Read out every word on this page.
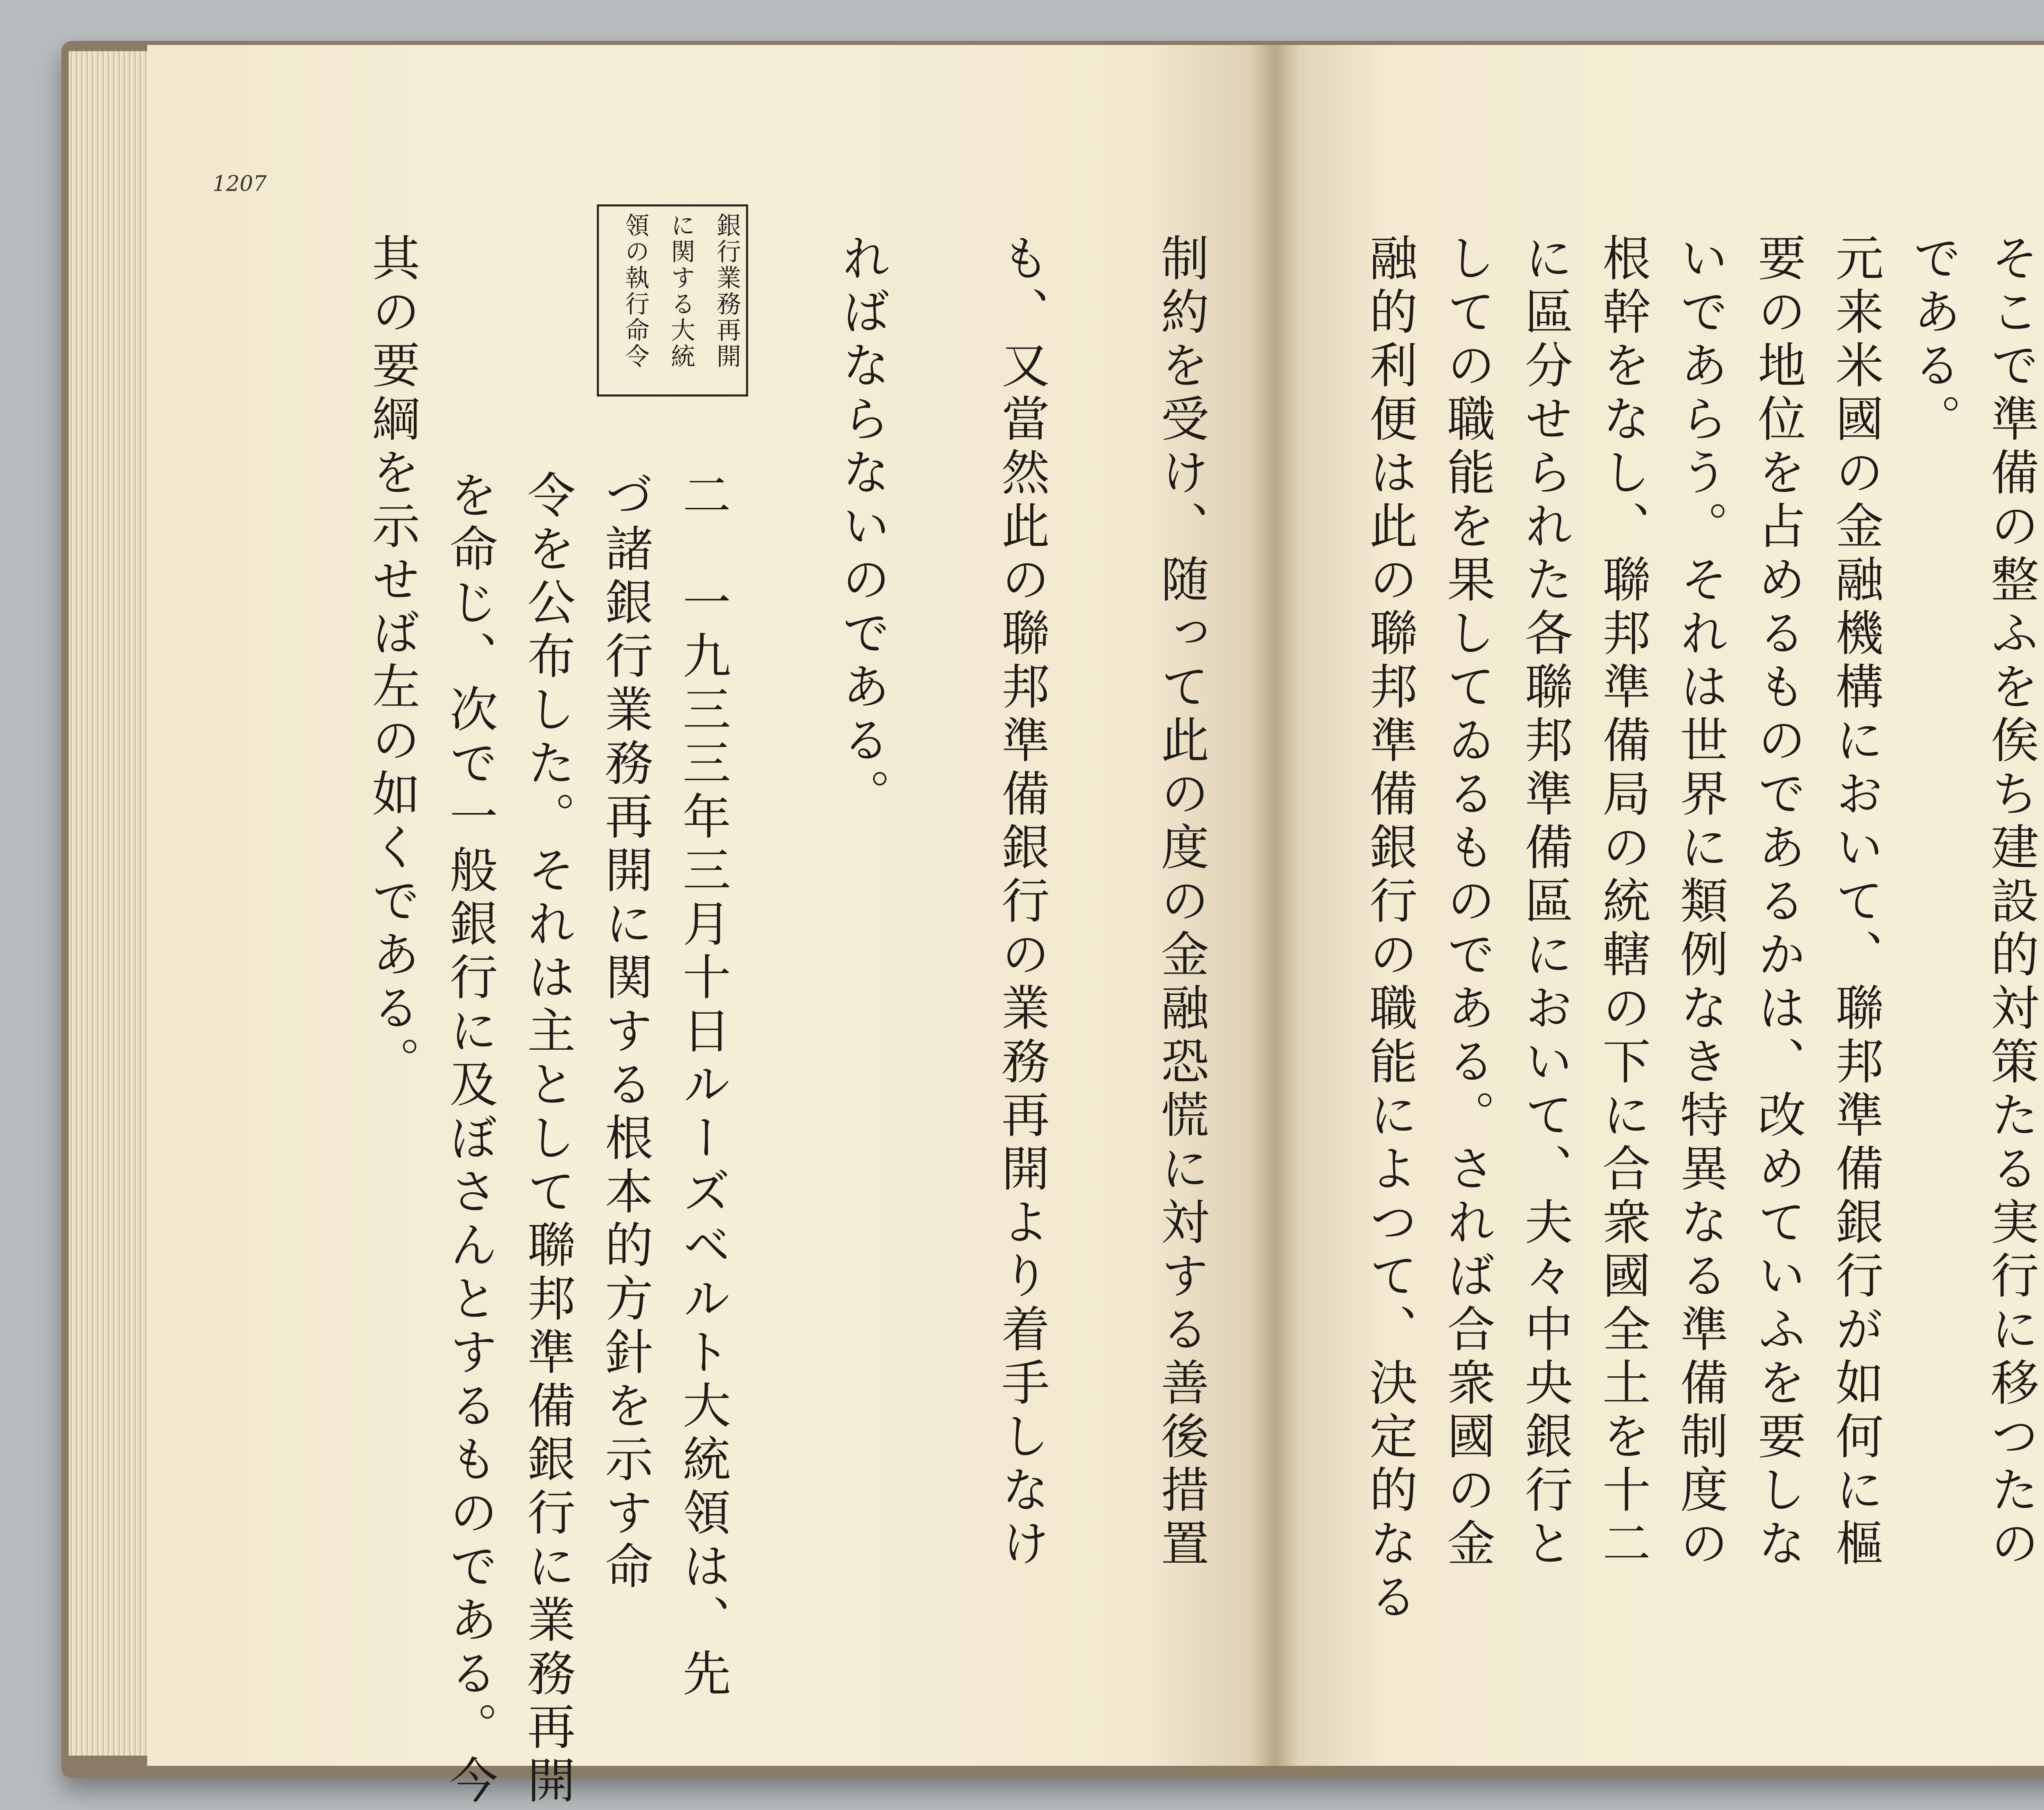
1207
銀行業務再開
に関する大統
領の執行命令	制約を受け、随って此の度の金融恐慌に対する善後措置
も、又當然此の聯邦準備銀行の業務再開より着手しなけ
ればならないのである。
二　一九三三年三月十日ルーズベルト大統領は、先
づ諸銀行業務再開に関する根本的方針を示す命
令を公布した。それは主として聯邦準備銀行に業務再開
を命じ、次で一般銀行に及ぼさんとするものである。今
其の要綱を示せば左の如くである。	そこで準備の整ふを俟ち建設的対策たる実行に移つたの
である。
元来米國の金融機構において、聯邦準備銀行が如何に樞
要の地位を占めるものであるかは、改めていふを要しな
いであらう。それは世界に類例なき特異なる準備制度の
根幹をなし、聯邦準備局の統轄の下に合衆國全土を十二
に區分せられた各聯邦準備區において、夫々中央銀行と
しての職能を果してゐるものである。されば合衆國の金
融的利便は此の聯邦準備銀行の職能によつて、決定的なる
